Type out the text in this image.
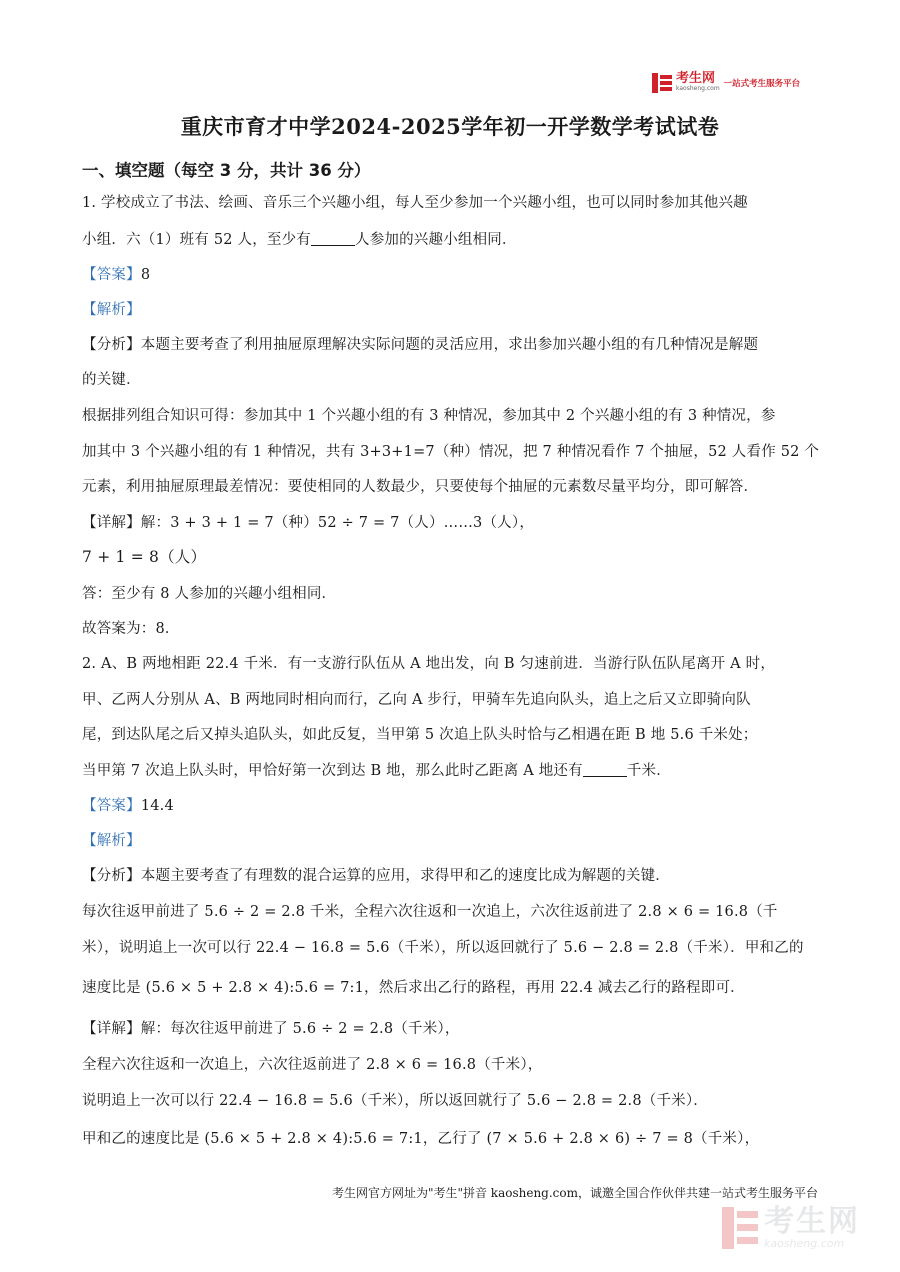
考生网
kaosheng.com 一站式考生服务平台
重庆市育才中学2024-2025学年初一开学数学考试试卷
一、填空题（每空 3 分，共计 36 分）
1. 学校成立了书法、绘画、音乐三个兴趣小组，每人至少参加一个兴趣小组，也可以同时参加其他兴趣
小组．六（1）班有 52 人，至少有	人参加的兴趣小组相同．
【答案】8
【解析】
【分析】本题主要考查了利用抽屉原理解决实际问题的灵活应用，求出参加兴趣小组的有几种情况是解题
的关键．
根据排列组合知识可得：参加其中 1 个兴趣小组的有 3 种情况，参加其中 2 个兴趣小组的有 3 种情况，参
加其中 3 个兴趣小组的有 1 种情况，共有 3+3+1=7（种）情况，把 7 种情况看作 7 个抽屉，52 人看作 52 个
元素，利用抽屉原理最差情况：要使相同的人数最少，只要使每个抽屉的元素数尽量平均分，即可解答．
【详解】解：3 + 3 + 1 = 7（种）52 ÷ 7 = 7（人）……3（人），
7 + 1 = 8（人）
答：至少有 8 人参加的兴趣小组相同．
故答案为：8．
2. A、B 两地相距 22.4 千米．有一支游行队伍从 A 地出发，向 B 匀速前进．当游行队伍队尾离开 A 时，
甲、乙两人分别从 A、B 两地同时相向而行，乙向 A 步行，甲骑车先追向队头，追上之后又立即骑向队
尾，到达队尾之后又掉头追队头，如此反复，当甲第 5 次追上队头时恰与乙相遇在距 B 地 5.6 千米处；
当甲第 7 次追上队头时，甲恰好第一次到达 B 地，那么此时乙距离 A 地还有	千米．
【答案】14.4
【解析】
【分析】本题主要考查了有理数的混合运算的应用，求得甲和乙的速度比成为解题的关键．
每次往返甲前进了 5.6 ÷ 2 = 2.8 千米，全程六次往返和一次追上，六次往返前进了 2.8 × 6 = 16.8（千
米），说明追上一次可以行 22.4 − 16.8 = 5.6（千米），所以返回就行了 5.6 − 2.8 = 2.8（千米）．甲和乙的
速度比是 (5.6 × 5 + 2.8 × 4):5.6 = 7:1，然后求出乙行的路程，再用 22.4 减去乙行的路程即可．
【详解】解：每次往返甲前进了 5.6 ÷ 2 = 2.8（千米），
全程六次往返和一次追上，六次往返前进了 2.8 × 6 = 16.8（千米），
说明追上一次可以行 22.4 − 16.8 = 5.6（千米），所以返回就行了 5.6 − 2.8 = 2.8（千米）．
甲和乙的速度比是 (5.6 × 5 + 2.8 × 4):5.6 = 7:1，乙行了 (7 × 5.6 + 2.8 × 6) ÷ 7 = 8（千米），
考生网官方网址为"考生"拼音 kaosheng.com，诚邀全国合作伙伴共建一站式考生服务平台
考生网
kaosheng.com
